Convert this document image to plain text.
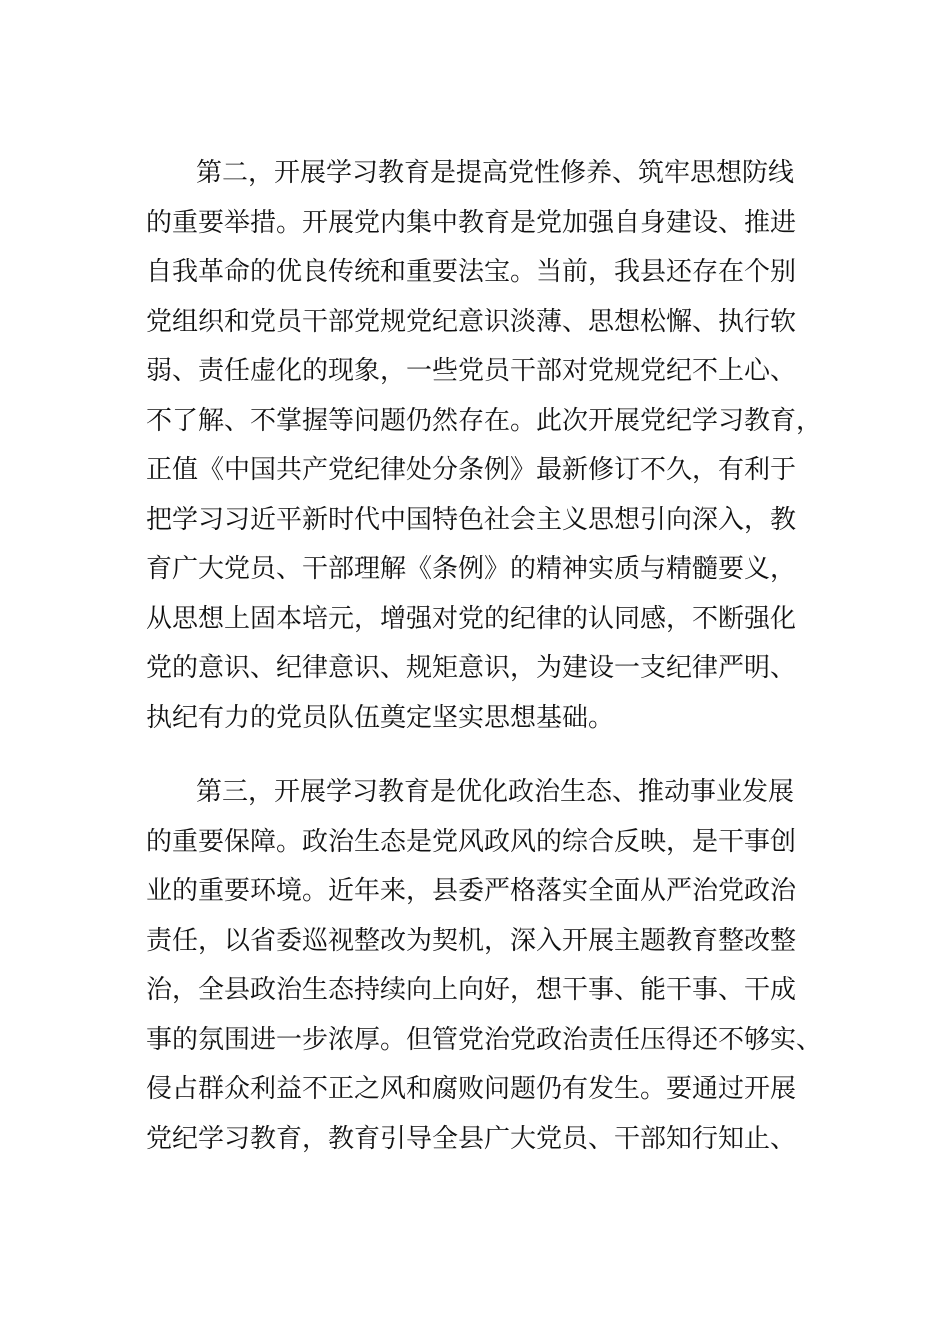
第二，开展学习教育是提高党性修养、筑牢思想防线
的重要举措。开展党内集中教育是党加强自身建设、推进
自我革命的优良传统和重要法宝。当前，我县还存在个别
党组织和党员干部党规党纪意识淡薄、思想松懈、执行软
弱、责任虚化的现象，一些党员干部对党规党纪不上心、
不了解、不掌握等问题仍然存在。此次开展党纪学习教育，
正值《中国共产党纪律处分条例》最新修订不久，有利于
把学习习近平新时代中国特色社会主义思想引向深入，教
育广大党员、干部理解《条例》的精神实质与精髓要义，
从思想上固本培元，增强对党的纪律的认同感，不断强化
党的意识、纪律意识、规矩意识，为建设一支纪律严明、
执纪有力的党员队伍奠定坚实思想基础。
第三，开展学习教育是优化政治生态、推动事业发展
的重要保障。政治生态是党风政风的综合反映，是干事创
业的重要环境。近年来，县委严格落实全面从严治党政治
责任，以省委巡视整改为契机，深入开展主题教育整改整
治，全县政治生态持续向上向好，想干事、能干事、干成
事的氛围进一步浓厚。但管党治党政治责任压得还不够实、
侵占群众利益不正之风和腐败问题仍有发生。要通过开展
党纪学习教育，教育引导全县广大党员、干部知行知止、
